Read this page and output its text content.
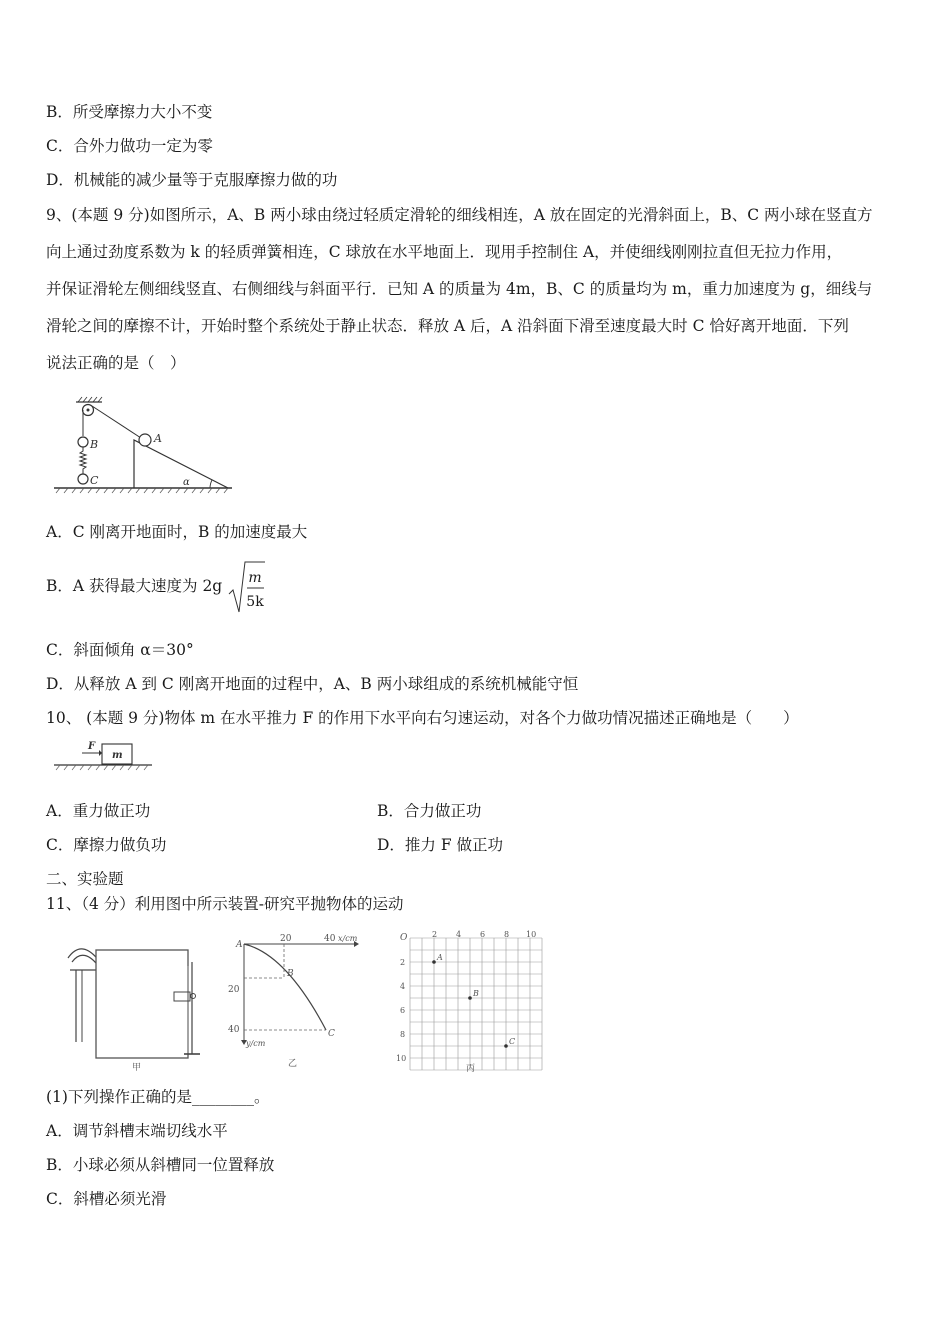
B．所受摩擦力大小不变
C．合外力做功一定为零
D．机械能的减少量等于克服摩擦力做的功
9、(本题 9 分)如图所示，A、B 两小球由绕过轻质定滑轮的细线相连，A 放在固定的光滑斜面上，B、C 两小球在竖直方
向上通过劲度系数为 k 的轻质弹簧相连，C 球放在水平地面上．现用手控制住 A，并使细线刚刚拉直但无拉力作用，
并保证滑轮左侧细线竖直、右侧细线与斜面平行．已知 A 的质量为 4m，B、C 的质量均为 m，重力加速度为 g，细线与
滑轮之间的摩擦不计，开始时整个系统处于静止状态．释放 A 后，A 沿斜面下滑至速度最大时 C 恰好离开地面．下列
说法正确的是（　）
B
C
A
α
A．C 刚离开地面时，B 的加速度最大
B．A 获得最大速度为 2g m
5k
C．斜面倾角 α＝30°
D．从释放 A 到 C 刚离开地面的过程中，A、B 两小球组成的系统机械能守恒
10、 (本题 9 分)物体 m 在水平推力 F 的作用下水平向右匀速运动，对各个力做功情况描述正确地是（　　）
F
m
A．重力做正功	B．合力做正功
C．摩擦力做负功	D．推力 F 做正功
二、实验题
11、（4 分）利用图中所示装置-研究平抛物体的运动
甲
A
20	40 x/cm
20
40
y/cm
B
C
乙
O	2 4 6 8 10
2
4
6
8
10
A
B
C
丙
(1)下列操作正确的是________。
A．调节斜槽末端切线水平
B．小球必须从斜槽同一位置释放
C．斜槽必须光滑
